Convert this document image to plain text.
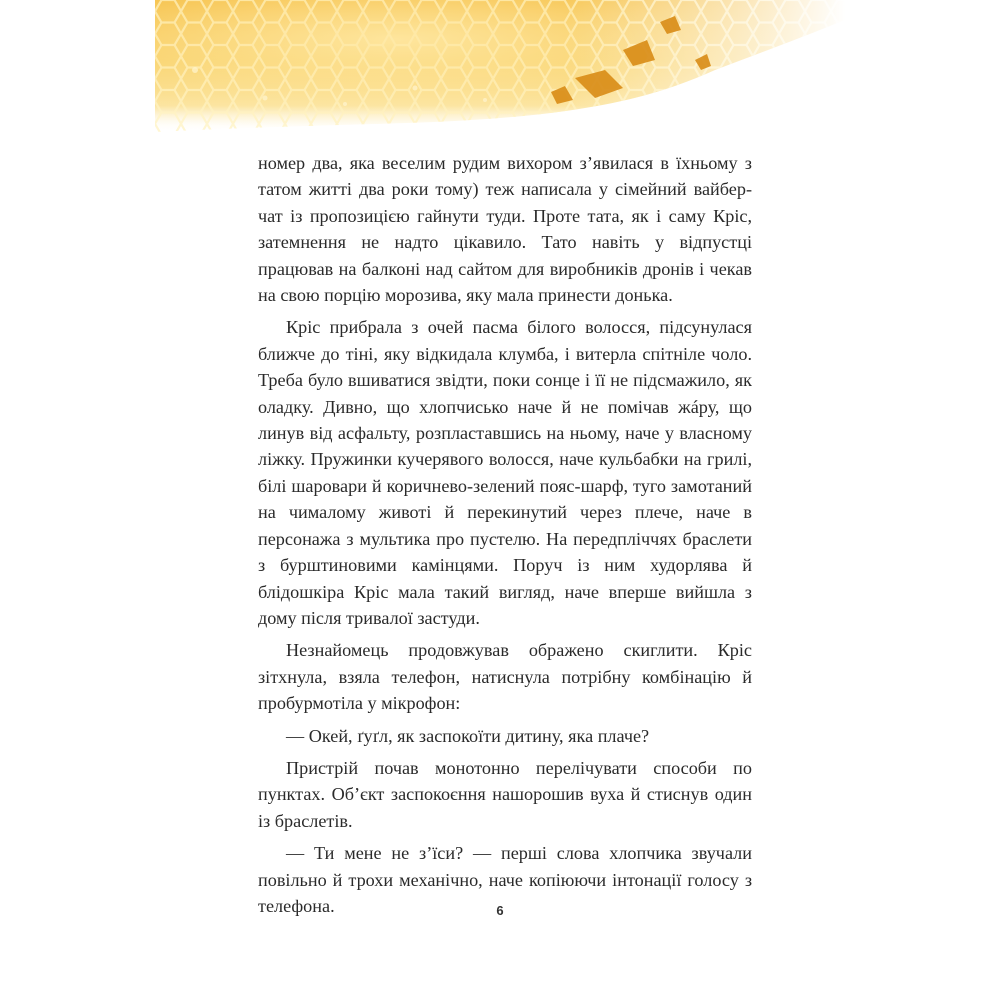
номер два, яка веселим рудим вихором з’явилася в їхньому з татом житті два роки тому) теж написала у сімейний вайбер-чат із пропозицією гайнути туди. Проте тата, як і саму Кріс, затемнення не надто цікавило. Тато навіть у відпустці працював на балконі над сайтом для виробників дронів і чекав на свою порцію морозива, яку мала принести донька.

Кріс прибрала з очей пасма білого волосся, підсунулася ближче до тіні, яку відкидала клумба, і витерла спітніле чоло. Треба було вшиватися звідти, поки сонце і її не підсмажило, як оладку. Дивно, що хлопчисько наче й не помічав жáру, що линув від асфальту, розпластавшись на ньому, наче у власному ліжку. Пружинки кучерявого волосся, наче кульбабки на грилі, білі шаровари й коричнево-зелений пояс-шарф, туго замотаний на чималому животі й перекинутий через плече, наче в персонажа з мультика про пустелю. На передпліччях браслети з бурштиновими камінцями. Поруч із ним худорлява й блідошкіра Кріс мала такий вигляд, наче вперше вийшла з дому після тривалої застуди.

Незнайомець продовжував ображено скиглити. Кріс зітхнула, взяла телефон, натиснула потрібну комбінацію й пробурмотіла у мікрофон:

— Окей, ґуґл, як заспокоїти дитину, яка плаче?

Пристрій почав монотонно перелічувати способи по пунктах. Об’єкт заспокоєння нашорошив вуха й стиснув один із браслетів.

— Ти мене не з’їси? — перші слова хлопчика звучали повільно й трохи механічно, наче копіюючи інтонації голосу з телефона.	6
